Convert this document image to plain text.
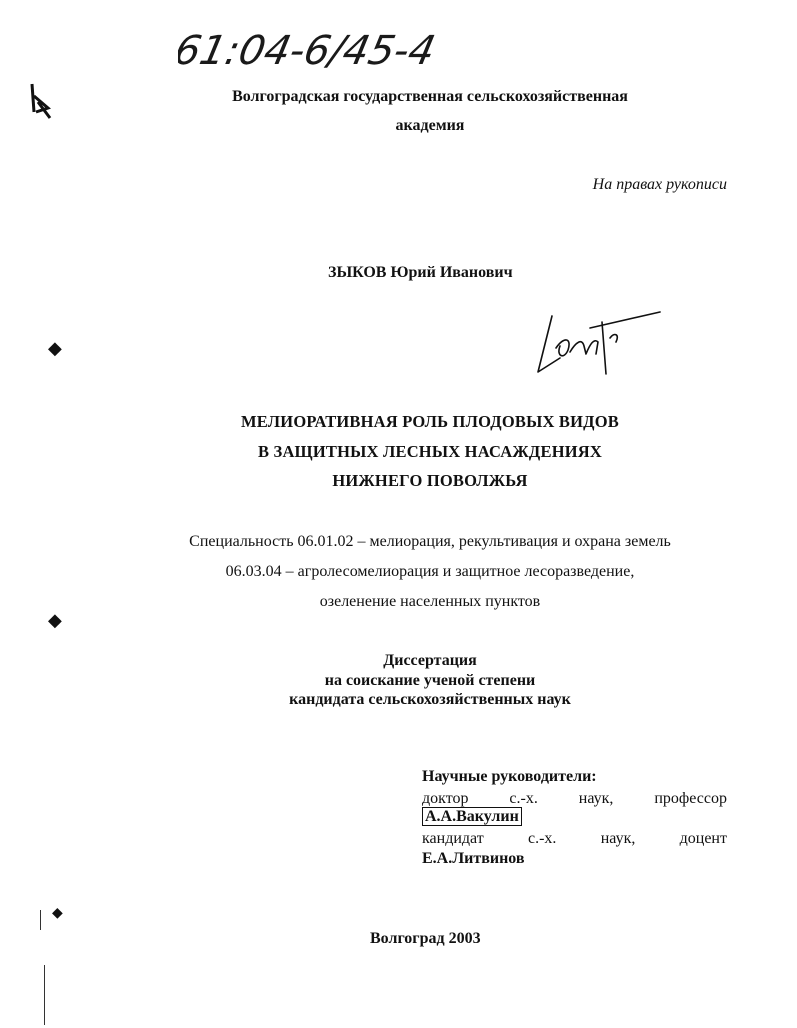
61:04-6/45-4
◆
◆
◆
Волгоградская государственная сельскохозяйственная
академия
На правах рукописи
ЗЫКОВ Юрий Иванович
МЕЛИОРАТИВНАЯ РОЛЬ ПЛОДОВЫХ ВИДОВ
В ЗАЩИТНЫХ ЛЕСНЫХ НАСАЖДЕНИЯХ
НИЖНЕГО ПОВОЛЖЬЯ
Специальность 06.01.02 – мелиорация, рекультивация и охрана земель
06.03.04 – агролесомелиорация и защитное лесоразведение,
озеленение населенных пунктов
Диссертация
на соискание ученой степени
кандидата сельскохозяйственных наук
Научные руководители:
доктор	с.-х.	наук,	профессор
А.А.Вакулин
кандидат	с.-х.	наук,	доцент
Е.А.Литвинов
Волгоград 2003
